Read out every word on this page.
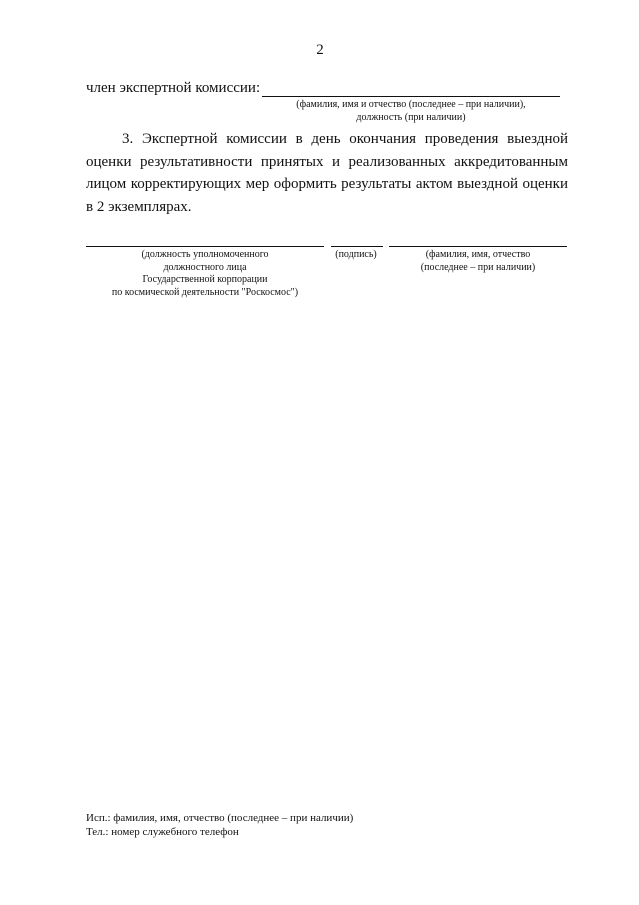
2
член экспертной комиссии:
(фамилия, имя и отчество (последнее – при наличии),
должность (при наличии)

3. Экспертной комиссии в день окончания проведения выездной оценки результативности принятых и реализованных аккредитованным лицом корректирующих мер оформить результаты актом выездной оценки в 2 экземплярах.

(должность уполномоченного
должностного лица
Государственной корпорации
по космической деятельности "Роскосмос")
(подпись)	(фамилия, имя, отчество
(последнее – при наличии)
Исп.: фамилия, имя, отчество (последнее – при наличии)
Тел.: номер служебного телефон
